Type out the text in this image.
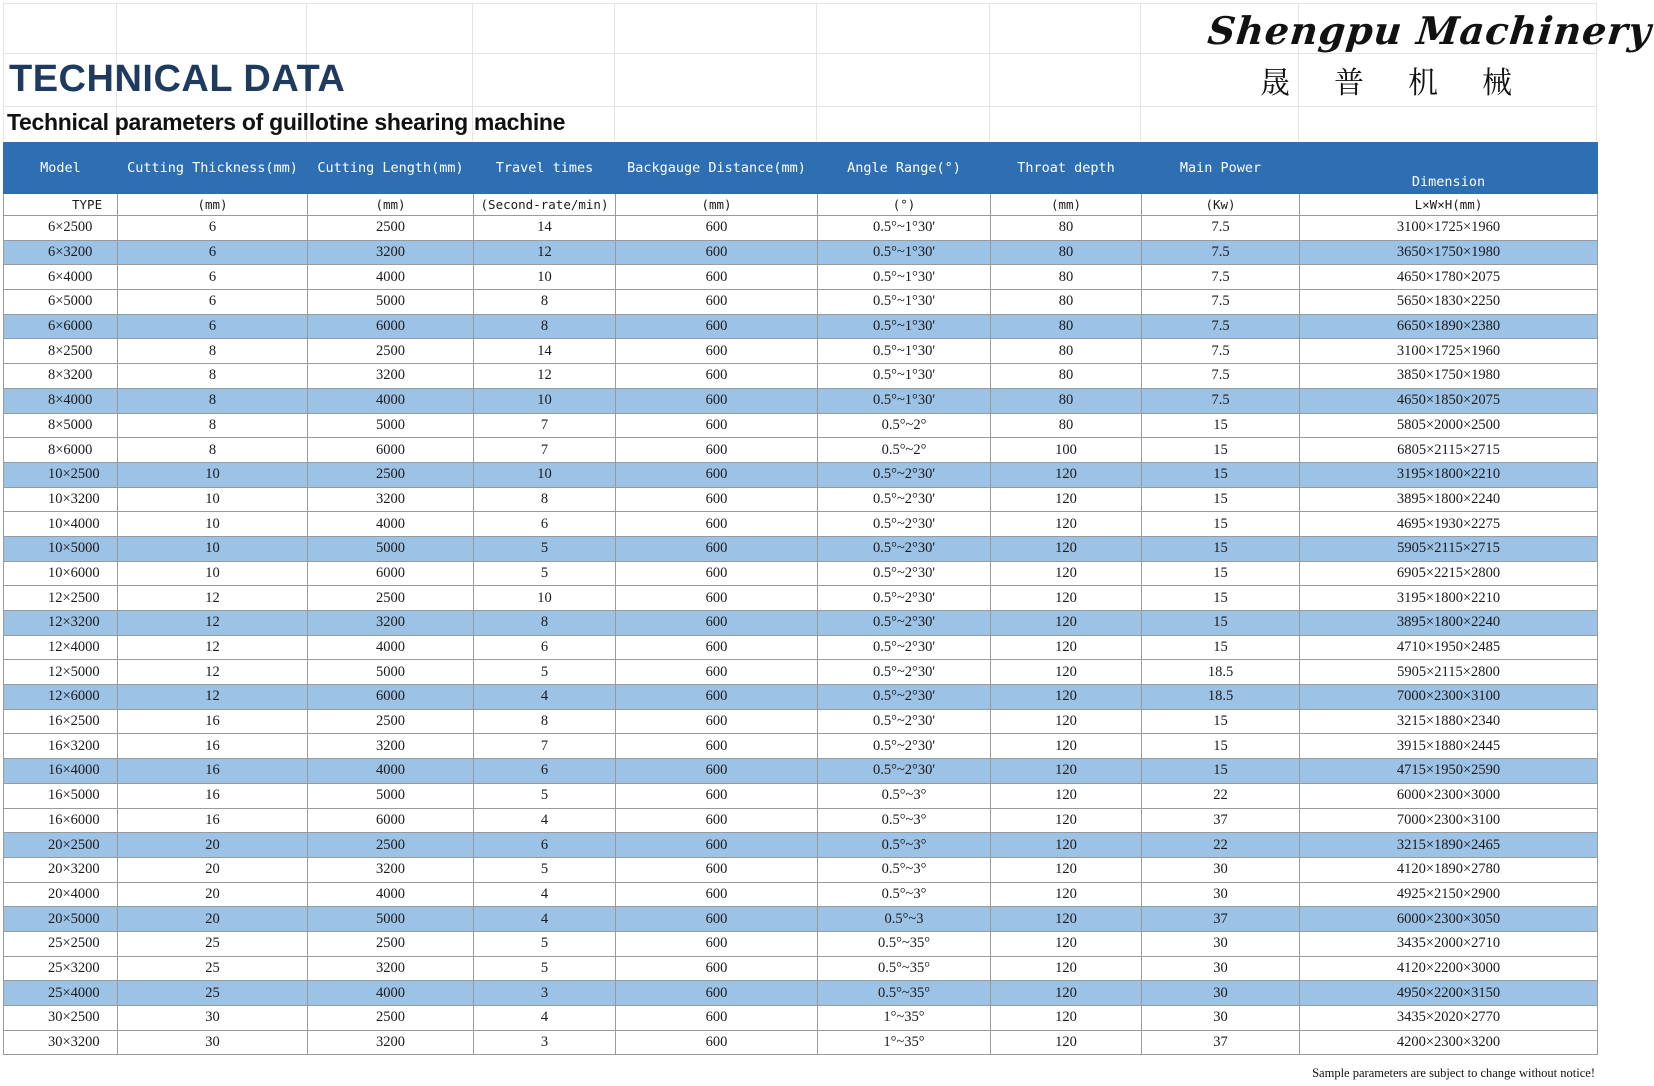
TECHNICAL DATA
Shengpu Machinery
晟普机械
Technical parameters of guillotine shearing machine
Model	Cutting Thickness(mm)	Cutting Length(mm)	Travel times	Backgauge Distance(mm)	Angle Range(°)	Throat depth	Main Power	Dimension
TYPE	(mm)	(mm)	(Second-rate/min)	(mm)	(°)	(mm)	(Kw)	L×W×H(mm)
6×2500	6	2500	14	600	0.5°~1°30'	80	7.5	3100×1725×1960
6×3200	6	3200	12	600	0.5°~1°30'	80	7.5	3650×1750×1980
6×4000	6	4000	10	600	0.5°~1°30'	80	7.5	4650×1780×2075
6×5000	6	5000	8	600	0.5°~1°30'	80	7.5	5650×1830×2250
6×6000	6	6000	8	600	0.5°~1°30'	80	7.5	6650×1890×2380
8×2500	8	2500	14	600	0.5°~1°30'	80	7.5	3100×1725×1960
8×3200	8	3200	12	600	0.5°~1°30'	80	7.5	3850×1750×1980
8×4000	8	4000	10	600	0.5°~1°30'	80	7.5	4650×1850×2075
8×5000	8	5000	7	600	0.5°~2°	80	15	5805×2000×2500
8×6000	8	6000	7	600	0.5°~2°	100	15	6805×2115×2715
10×2500	10	2500	10	600	0.5°~2°30'	120	15	3195×1800×2210
10×3200	10	3200	8	600	0.5°~2°30'	120	15	3895×1800×2240
10×4000	10	4000	6	600	0.5°~2°30'	120	15	4695×1930×2275
10×5000	10	5000	5	600	0.5°~2°30'	120	15	5905×2115×2715
10×6000	10	6000	5	600	0.5°~2°30'	120	15	6905×2215×2800
12×2500	12	2500	10	600	0.5°~2°30'	120	15	3195×1800×2210
12×3200	12	3200	8	600	0.5°~2°30'	120	15	3895×1800×2240
12×4000	12	4000	6	600	0.5°~2°30'	120	15	4710×1950×2485
12×5000	12	5000	5	600	0.5°~2°30'	120	18.5	5905×2115×2800
12×6000	12	6000	4	600	0.5°~2°30'	120	18.5	7000×2300×3100
16×2500	16	2500	8	600	0.5°~2°30'	120	15	3215×1880×2340
16×3200	16	3200	7	600	0.5°~2°30'	120	15	3915×1880×2445
16×4000	16	4000	6	600	0.5°~2°30'	120	15	4715×1950×2590
16×5000	16	5000	5	600	0.5°~3°	120	22	6000×2300×3000
16×6000	16	6000	4	600	0.5°~3°	120	37	7000×2300×3100
20×2500	20	2500	6	600	0.5°~3°	120	22	3215×1890×2465
20×3200	20	3200	5	600	0.5°~3°	120	30	4120×1890×2780
20×4000	20	4000	4	600	0.5°~3°	120	30	4925×2150×2900
20×5000	20	5000	4	600	0.5°~3	120	37	6000×2300×3050
25×2500	25	2500	5	600	0.5°~35°	120	30	3435×2000×2710
25×3200	25	3200	5	600	0.5°~35°	120	30	4120×2200×3000
25×4000	25	4000	3	600	0.5°~35°	120	30	4950×2200×3150
30×2500	30	2500	4	600	1°~35°	120	30	3435×2020×2770
30×3200	30	3200	3	600	1°~35°	120	37	4200×2300×3200
Sample parameters are subject to change without notice!
